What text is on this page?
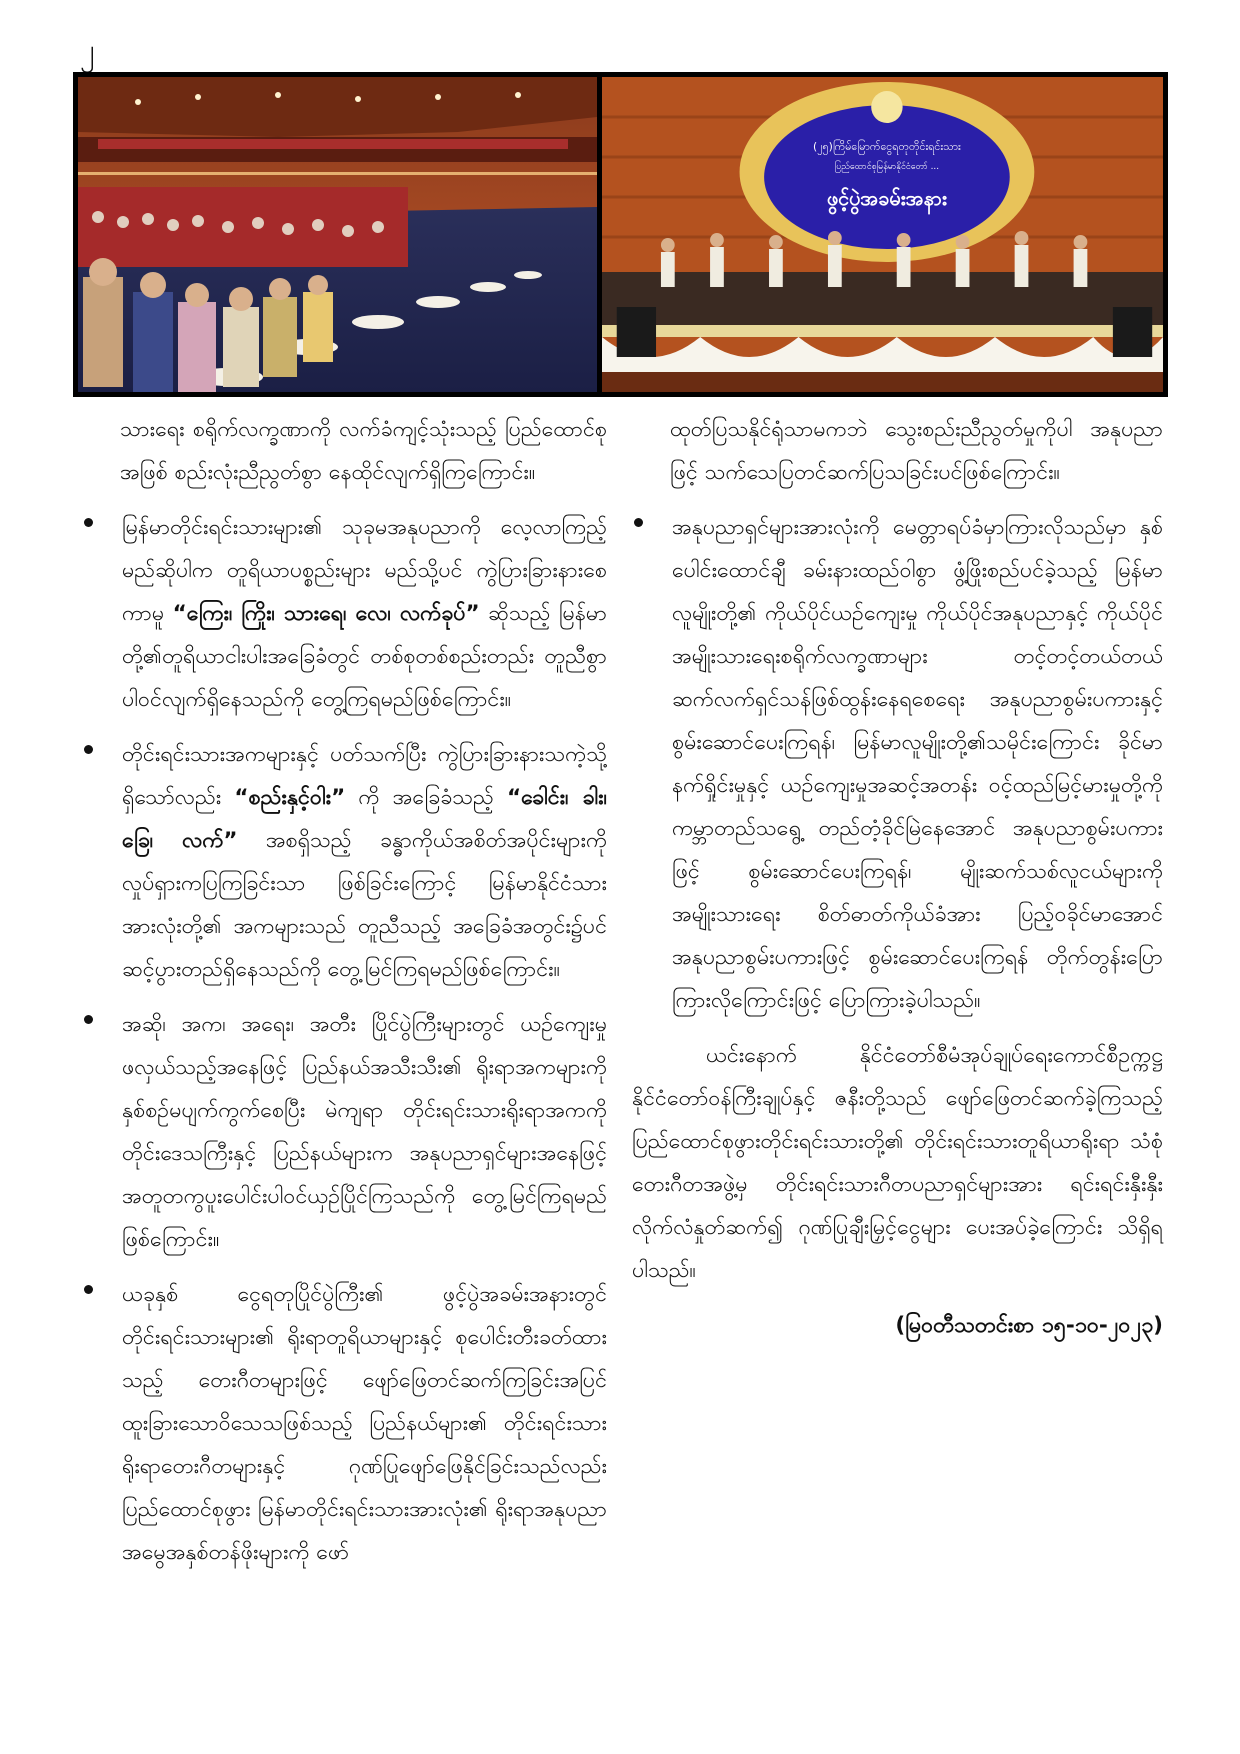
၂
(၂၅)ကြိမ်မြောက်ငွေရတုတိုင်းရင်းသား
ပြည်ထောင်စုမြန်မာနိုင်ငံတော် ...
ဖွင့်ပွဲအခမ်းအနား

သားရေး စရိုက်လက္ခဏာကို လက်ခံကျင့်သုံးသည့် ပြည်ထောင်စုအဖြစ် စည်းလုံးညီညွတ်စွာ နေထိုင်လျက်ရှိကြကြောင်း။

မြန်မာတိုင်းရင်းသားများ၏ သုခုမအနုပညာကို လေ့လာကြည့်မည်ဆိုပါက တူရိယာပစ္စည်းများ မည်သို့ပင် ကွဲပြားခြားနားစေကာမူ “ကြေး၊ ကြိုး၊ သားရေ၊ လေ၊ လက်ခုပ်” ဆိုသည့် မြန်မာတို့၏တူရိယာငါးပါးအခြေခံတွင် တစ်စုတစ်စည်းတည်း တူညီစွာ ပါဝင်လျက်ရှိနေသည်ကို တွေ့ကြရမည်ဖြစ်ကြောင်း။

တိုင်းရင်းသားအကများနှင့် ပတ်သက်ပြီး ကွဲပြားခြားနားသကဲ့သို့ ရှိသော်လည်း “စည်းနှင့်ဝါး” ကို အခြေခံသည့် “ခေါင်း၊ ခါး၊ ခြေ၊ လက်” အစရှိသည့် ခန္ဓာကိုယ်အစိတ်အပိုင်းများကို လှုပ်ရှားကပြကြခြင်းသာ ဖြစ်ခြင်းကြောင့် မြန်မာနိုင်ငံသားအားလုံးတို့၏ အကများသည် တူညီသည့် အခြေခံအတွင်း၌ပင် ဆင့်ပွားတည်ရှိနေသည်ကို တွေ့မြင်ကြရမည်ဖြစ်ကြောင်း။

အဆို၊ အက၊ အရေး၊ အတီး ပြိုင်ပွဲကြီးများတွင် ယဉ်ကျေးမှုဖလှယ်သည့်အနေဖြင့် ပြည်နယ်အသီးသီး၏ ရိုးရာအကများကို နှစ်စဉ်မပျက်ကွက်စေပြီး မဲကျရာ တိုင်းရင်းသားရိုးရာအကကို တိုင်းဒေသကြီးနှင့် ပြည်နယ်များက အနုပညာရှင်များအနေဖြင့် အတူတကွပူးပေါင်းပါဝင်ယှဉ်ပြိုင်ကြသည်ကို တွေ့မြင်ကြရမည်ဖြစ်ကြောင်း။

ယခုနှစ် ငွေရတုပြိုင်ပွဲကြီး၏ ဖွင့်ပွဲအခမ်းအနားတွင် တိုင်းရင်းသားများ၏ ရိုးရာတူရိယာများနှင့် စုပေါင်းတီးခတ်ထားသည့် တေးဂီတများဖြင့် ဖျော်ဖြေတင်ဆက်ကြခြင်းအပြင် ထူးခြားသောဝိသေသဖြစ်သည့် ပြည်နယ်များ၏ တိုင်းရင်းသားရိုးရာတေးဂီတများနှင့် ဂုဏ်ပြုဖျော်ဖြေနိုင်ခြင်းသည်လည်း ပြည်ထောင်စုဖွား မြန်မာတိုင်းရင်းသားအားလုံး၏ ရိုးရာအနုပညာအမွေအနှစ်တန်ဖိုးများကို ဖော်

ထုတ်ပြသနိုင်ရုံသာမကဘဲ သွေးစည်းညီညွတ်မှုကိုပါ အနုပညာဖြင့် သက်သေပြတင်ဆက်ပြသခြင်းပင်ဖြစ်ကြောင်း။

အနုပညာရှင်များအားလုံးကို မေတ္တာရပ်ခံမှာကြားလိုသည်မှာ နှစ်ပေါင်းထောင်ချီ ခမ်းနားထည်ဝါစွာ ဖွံ့ဖြိုးစည်ပင်ခဲ့သည့် မြန်မာလူမျိုးတို့၏ ကိုယ်ပိုင်ယဉ်ကျေးမှု ကိုယ်ပိုင်အနုပညာနှင့် ကိုယ်ပိုင်အမျိုးသားရေးစရိုက်လက္ခဏာများ တင့်တင့်တယ်တယ် ဆက်လက်ရှင်သန်ဖြစ်ထွန်းနေရစေရေး အနုပညာစွမ်းပကားနှင့် စွမ်းဆောင်ပေးကြရန်၊ မြန်မာလူမျိုးတို့၏သမိုင်းကြောင်း ခိုင်မာနက်ရှိုင်းမှုနှင့် ယဉ်ကျေးမှုအဆင့်အတန်း ဝင့်ထည်မြင့်မားမှုတို့ကို ကမ္ဘာတည်သရွေ့ တည်တံ့ခိုင်မြဲနေအောင် အနုပညာစွမ်းပကားဖြင့် စွမ်းဆောင်ပေးကြရန်၊ မျိုးဆက်သစ်လူငယ်များကို အမျိုးသားရေး စိတ်ဓာတ်ကိုယ်ခံအား ပြည့်ဝခိုင်မာအောင် အနုပညာစွမ်းပကားဖြင့် စွမ်းဆောင်ပေးကြရန် တိုက်တွန်းပြောကြားလိုကြောင်းဖြင့် ပြောကြားခဲ့ပါသည်။

ယင်းနောက် နိုင်ငံတော်စီမံအုပ်ချုပ်ရေးကောင်စီဥက္ကဋ္ဌ နိုင်ငံတော်ဝန်ကြီးချုပ်နှင့် ဇနီးတို့သည် ဖျော်ဖြေတင်ဆက်ခဲ့ကြသည့် ပြည်ထောင်စုဖွားတိုင်းရင်းသားတို့၏ တိုင်းရင်းသားတူရိယာရိုးရာ သံစုံတေးဂီတအဖွဲ့မှ တိုင်းရင်းသားဂီတပညာရှင်များအား ရင်းရင်းနှီးနှီးလိုက်လံနှုတ်ဆက်၍ ဂုဏ်ပြုချီးမြှင့်ငွေများ ပေးအပ်ခဲ့ကြောင်း သိရှိရပါသည်။

(မြဝတီသတင်းစာ ၁၅-၁၀-၂၀၂၃)
